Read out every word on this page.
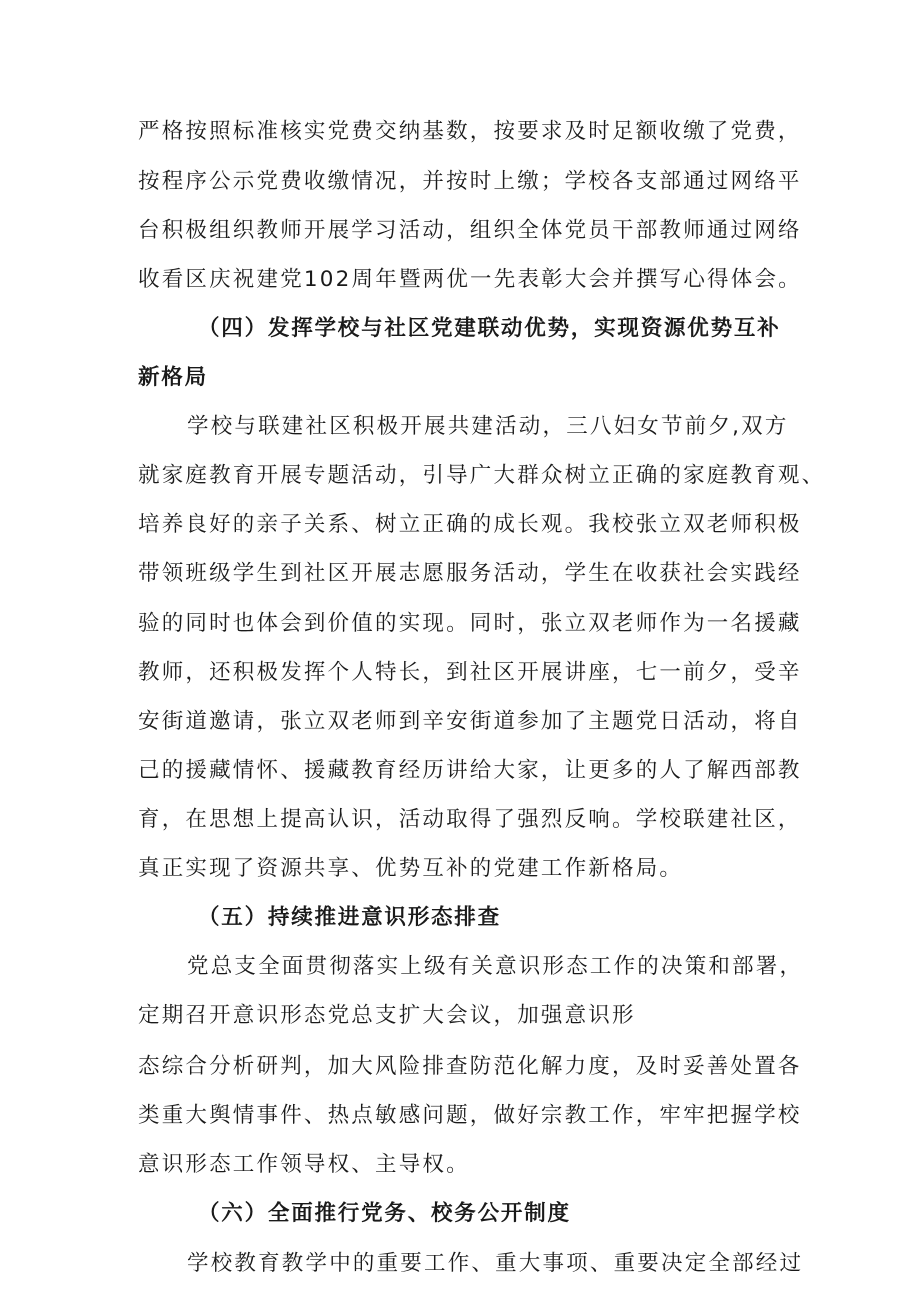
严格按照标准核实党费交纳基数，按要求及时足额收缴了党费，
按程序公示党费收缴情况，并按时上缴；学校各支部通过网络平
台积极组织教师开展学习活动，组织全体党员干部教师通过网络
收看区庆祝建党102周年暨两优一先表彰大会并撰写心得体会。
（四）发挥学校与社区党建联动优势，实现资源优势互补
新格局
学校与联建社区积极开展共建活动，三八妇女节前夕,双方
就家庭教育开展专题活动，引导广大群众树立正确的家庭教育观、
培养良好的亲子关系、树立正确的成长观。我校张立双老师积极
带领班级学生到社区开展志愿服务活动，学生在收获社会实践经
验的同时也体会到价值的实现。同时，张立双老师作为一名援藏
教师，还积极发挥个人特长，到社区开展讲座，七一前夕，受辛
安街道邀请，张立双老师到辛安街道参加了主题党日活动，将自
己的援藏情怀、援藏教育经历讲给大家，让更多的人了解西部教
育，在思想上提高认识，活动取得了强烈反响。学校联建社区，
真正实现了资源共享、优势互补的党建工作新格局。
（五）持续推进意识形态排查
党总支全面贯彻落实上级有关意识形态工作的决策和部署，
定期召开意识形态党总支扩大会议，加强意识形
态综合分析研判，加大风险排查防范化解力度，及时妥善处置各
类重大舆情事件、热点敏感问题，做好宗教工作，牢牢把握学校
意识形态工作领导权、主导权。
（六）全面推行党务、校务公开制度
学校教育教学中的重要工作、重大事项、重要决定全部经过
